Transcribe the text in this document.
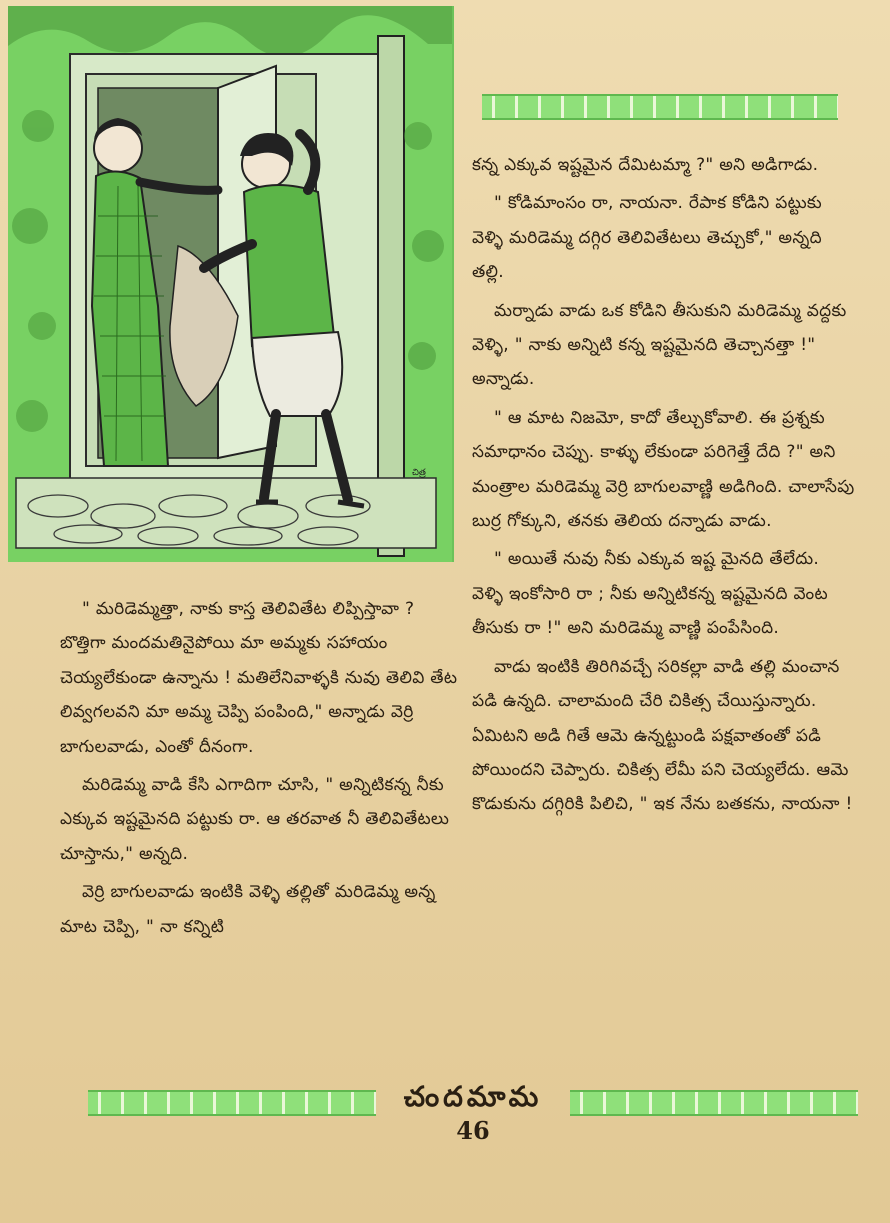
చిత్ర

" మరిడెమ్మత్తా, నాకు కాస్త తెలివితేట లిప్పిస్తావా ? బొత్తిగా మందమతినైపోయి మా అమ్మకు సహాయం చెయ్యలేకుండా ఉన్నాను ! మతిలేనివాళ్ళకి నువు తెలివి తేట లివ్వగలవని మా అమ్మ చెప్పి పంపింది," అన్నాడు వెర్రి బాగులవాడు, ఎంతో దీనంగా.

మరిడెమ్మ వాడి కేసి ఎగాదిగా చూసి, " అన్నిటికన్న నీకు ఎక్కువ ఇష్టమైనది పట్టుకు రా. ఆ తరవాత నీ తెలివితేటలు చూస్తాను," అన్నది.

వెర్రి బాగులవాడు ఇంటికి వెళ్ళి తల్లితో మరిడెమ్మ అన్న మాట చెప్పి, " నా కన్నిటి

కన్న ఎక్కువ ఇష్టమైన దేమిటమ్మా ?" అని అడిగాడు.

" కోడిమాంసం రా, నాయనా. రేపాక కోడిని పట్టుకు వెళ్ళి మరిడెమ్మ దగ్గిర తెలివితేటలు తెచ్చుకో," అన్నది తల్లి.

మర్నాడు వాడు ఒక కోడిని తీసుకుని మరిడెమ్మ వద్దకు వెళ్ళి, " నాకు అన్నిటి కన్న ఇష్టమైనది తెచ్చానత్తా !" అన్నాడు.

" ఆ మాట నిజమో, కాదో తేల్చుకోవాలి. ఈ ప్రశ్నకు సమాధానం చెప్పు. కాళ్ళు లేకుండా పరిగెత్తే దేది ?" అని మంత్రాల మరిడెమ్మ వెర్రి బాగులవాణ్ణి అడిగింది. చాలాసేపు బుర్ర గోక్కుని, తనకు తెలియ దన్నాడు వాడు.

" అయితే నువు నీకు ఎక్కువ ఇష్ట మైనది తేలేదు. వెళ్ళి ఇంకోసారి రా ; నీకు అన్నిటికన్న ఇష్టమైనది వెంట తీసుకు రా !" అని మరిడెమ్మ వాణ్ణి పంపేసింది.

వాడు ఇంటికి తిరిగివచ్చే సరికల్లా వాడి తల్లి మంచాన పడి ఉన్నది. చాలామంది చేరి చికిత్స చేయిస్తున్నారు. ఏమిటని అడి గితే ఆమె ఉన్నట్టుండి పక్షవాతంతో పడి పోయిందని చెప్పారు. చికిత్స లేమీ పని చెయ్యలేదు. ఆమె కొడుకును దగ్గిరికి పిలిచి, " ఇక నేను బతకను, నాయనా !

చందమామ
46
